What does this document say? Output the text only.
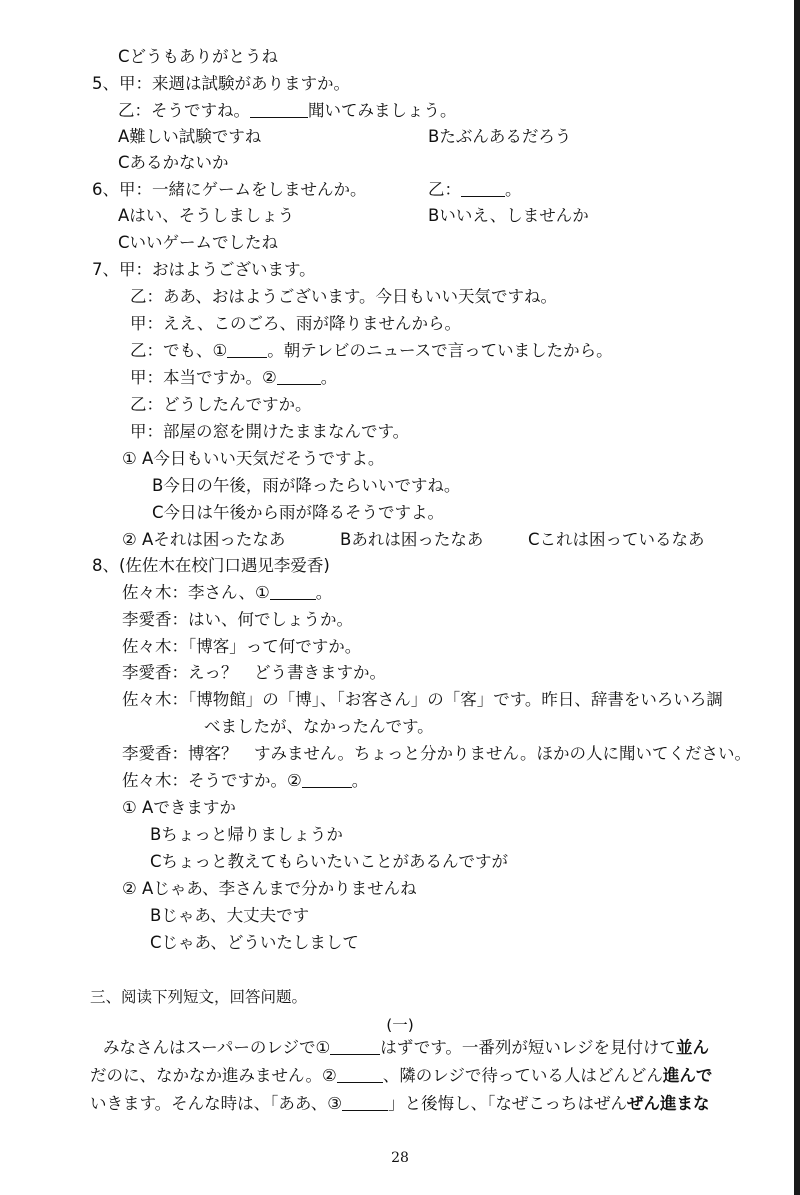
Cどうもありがとうね
5、甲：来週は試験がありますか。
乙：そうですね。	聞いてみましょう。
A難しい試験ですね	Bたぶんあるだろう
Cあるかないか
6、甲：一緒にゲームをしませんか。	乙：	。
Aはい、そうしましょう	Bいいえ、しませんか
Cいいゲームでしたね
7、甲：おはようございます。
乙：ああ、おはようございます。今日もいい天気ですね。
甲：ええ、このごろ、雨が降りませんから。
乙：でも、① 。朝テレビのニュースで言っていましたから。
甲：本当ですか。②	。
乙：どうしたんですか。
甲：部屋の窓を開けたままなんです。
① A今日もいい天気だそうですよ。
B今日の午後，雨が降ったらいいですね。
C今日は午後から雨が降るそうですよ。
② Aそれは困ったなあ	Bあれは困ったなあ	Cこれは困っているなあ
8、(佐佐木在校门口遇见李爱香)
佐々木：李さん、①	。
李愛香：はい、何でしょうか。
佐々木：「博客」って何ですか。
李愛香：えっ？　どう書きますか。
佐々木：「博物館」の「博」、「お客さん」の「客」です。昨日、辞書をいろいろ調
べましたが、なかったんです。
李愛香：博客？　すみません。ちょっと分かりません。ほかの人に聞いてください。
佐々木：そうですか。②	。
① Aできますか
Bちょっと帰りましょうか
Cちょっと教えてもらいたいことがあるんですが
② Aじゃあ、李さんまで分かりませんね
Bじゃあ、大丈夫です
Cじゃあ、どういたしまして
三、阅读下列短文，回答问题。
(一)
みなさんはスーパーのレジで①	はずです。一番列が短いレジを見付けて並ん
だのに、なかなか進みません。②	、隣のレジで待っている人はどんどん進んで
いきます。そんな時は、「ああ、③	」と後悔し、「なぜこっちはぜんぜん進まな
28
